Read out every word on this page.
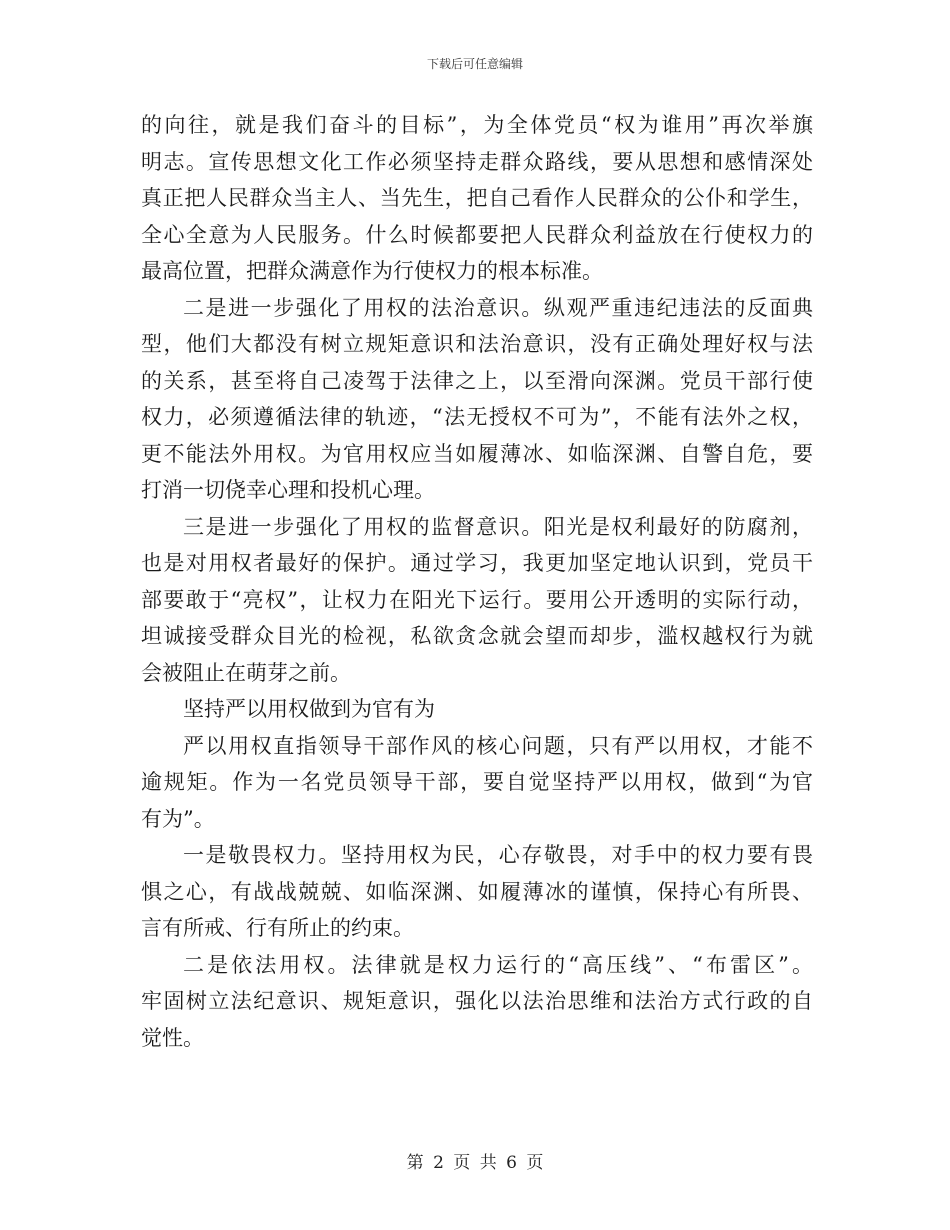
下载后可任意编辑
的向往，就是我们奋斗的目标”，为全体党员“权为谁用”再次举旗
明志。宣传思想文化工作必须坚持走群众路线，要从思想和感情深处
真正把人民群众当主人、当先生，把自己看作人民群众的公仆和学生，
全心全意为人民服务。什么时候都要把人民群众利益放在行使权力的
最高位置，把群众满意作为行使权力的根本标准。
二是进一步强化了用权的法治意识。纵观严重违纪违法的反面典
型，他们大都没有树立规矩意识和法治意识，没有正确处理好权与法
的关系，甚至将自己凌驾于法律之上，以至滑向深渊。党员干部行使
权力，必须遵循法律的轨迹，“法无授权不可为”，不能有法外之权，
更不能法外用权。为官用权应当如履薄冰、如临深渊、自警自危，要
打消一切侥幸心理和投机心理。
三是进一步强化了用权的监督意识。阳光是权利最好的防腐剂，
也是对用权者最好的保护。通过学习，我更加坚定地认识到，党员干
部要敢于“亮权”，让权力在阳光下运行。要用公开透明的实际行动，
坦诚接受群众目光的检视，私欲贪念就会望而却步，滥权越权行为就
会被阻止在萌芽之前。
坚持严以用权做到为官有为
严以用权直指领导干部作风的核心问题，只有严以用权，才能不
逾规矩。作为一名党员领导干部，要自觉坚持严以用权，做到“为官
有为”。
一是敬畏权力。坚持用权为民，心存敬畏，对手中的权力要有畏
惧之心，有战战兢兢、如临深渊、如履薄冰的谨慎，保持心有所畏、
言有所戒、行有所止的约束。
二是依法用权。法律就是权力运行的“高压线”、“布雷区”。
牢固树立法纪意识、规矩意识，强化以法治思维和法治方式行政的自
觉性。
第 2 页 共 6 页
